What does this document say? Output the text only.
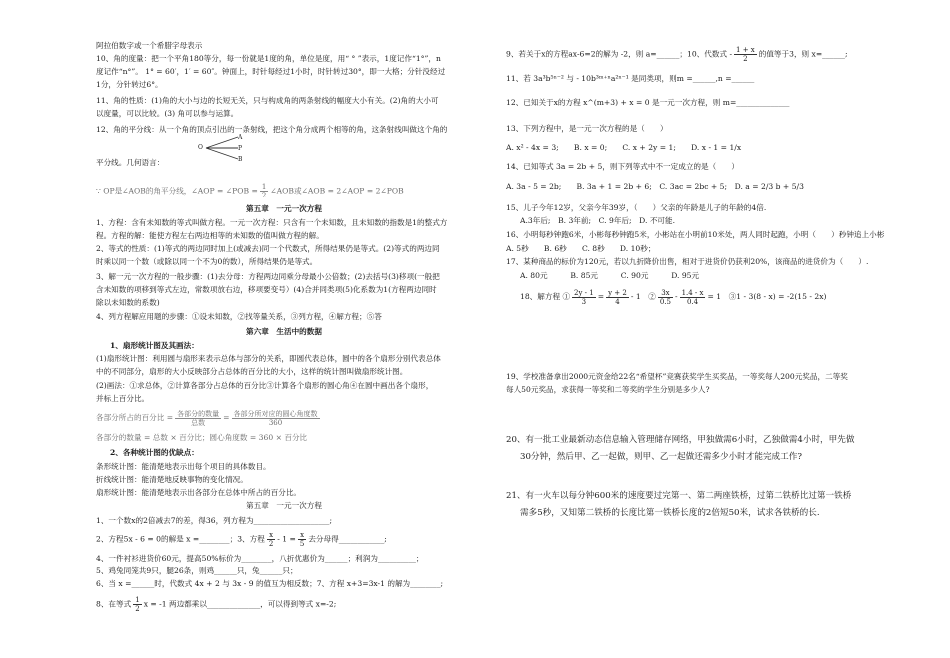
阿拉伯数字或一个希腊字母表示
10、角的度量：把一个平角180等分，每一份就是1度的角，单位是度，用“ ° ”表示，1度记作“1°”，n
度记作“n°”。 1° = 60′，1′ = 60″。钟面上，时针每经过1小时，时针转过30°，即一大格；分针没经过
1分，分针转过6°。
11、角的性质：(1)角的大小与边的长短无关，只与构成角的两条射线的幅度大小有关。(2)角的大小可
以度量，可以比较。(3) 角可以参与运算。
12、角的平分线：从一个角的顶点引出的一条射线，把这个角分成两个相等的角，这条射线叫做这个角的
O
A
P
B
平分线。几何语言：
∵ OP是∠AOB的角平分线，∠AOP = ∠POB = $\frac{1}{2}$ ∠AOB或∠AOB = 2∠AOP = 2∠POB
第五章　一元一次方程
1、方程：含有未知数的等式叫做方程。一元一次方程：只含有一个未知数，且未知数的指数是1的整式方
程。方程的解：能使方程左右两边相等的未知数的值叫做方程的解。
2、等式的性质：(1)等式的两边同时加上(或减去)同一个代数式，所得结果仍是等式。(2)等式的两边同
时乘以同一个数（或除以同一个不为0的数），所得结果仍是等式。
3、解一元一次方程的一般步骤：(1)去分母：方程两边同乘分母最小公倍数；(2)去括号(3)移项(一般把
含未知数的项移到等式左边，常数项放右边，移项要变号）(4)合并同类项(5)化系数为1(方程两边同时
除以未知数的系数)
4、列方程解应用题的步骤：①设未知数，②找等量关系，③列方程，④解方程；⑤答
第六章　生活中的数据
1、扇形统计图及其画法：
(1)扇形统计图：利用圆与扇形来表示总体与部分的关系，即圆代表总体，圆中的各个扇形分别代表总体
中的不同部分，扇形的大小反映部分占总体的百分比的大小，这样的统计图叫做扇形统计图。
(2)画法：①求总体，②计算各部分占总体的百分比③计算各个扇形的圆心角④在圆中画出各个扇形，
并标上百分比。
各部分所占的百分比 = $\frac{\text{各部分的数量}}{\text{总数}} = \frac{\text{各部分所对应的圆心角度数}}{360}$
各部分的数量 = 总数 × 百分比；圆心角度数 = 360 × 百分比
2、各种统计图的优缺点：
条形统计图：能清楚地表示出每个项目的具体数目。
折线统计图：能清楚地反映事物的变化情况。
扇形统计图：能清楚地表示出各部分在总体中所占的百分比。
第五章　一元一次方程
1、一个数x的2倍减去7的差，得36，列方程为____________________;
2、方程5x - 6 = 0的解是 x =________；3、方程 $\frac{x}{2} - 1 = \frac{x}{5}$ 去分母得____________;
4、一件衬衫进货价60元，提高50%标价为________，八折优惠价为______；利润为__________；
5、鸡兔同笼共9只，腿26条，则鸡______只，兔______只；
6、当 x =______时，代数式 4x + 2 与 3x - 9 的值互为相反数；7、方程 x+3=3x-1 的解为________;
8、在等式 $\frac{1}{2}$ x = -1 两边都乘以______________，可以得到等式 x=-2;
9、若关于x的方程ax-6=2的解为 -2，则 a=______；10、代数式 - $\frac{1 + x}{2}$ 的值等于3，则 x=______;
11、若 3a³b⁵ⁿ⁻² 与 - 10b³ᵐ⁺ⁿa²ⁿ⁻¹ 是同类项，则m =______,n =______
12、已知关于x的方程 x^(m+3) + x = 0 是一元一次方程，则 m=______________
13、下列方程中，是一元一次方程的是（　　）
A. x² - 4x = 3;　　B. x = 0;　　C. x + 2y = 1;　　D. x - 1 = 1/x
14、已知等式 3a = 2b + 5，则下列等式中不一定成立的是（　　）
A. 3a - 5 = 2b;　　B. 3a + 1 = 2b + 6;　C. 3ac = 2bc + 5;　D. a = 2/3 b + 5/3
15、儿子今年12岁，父亲今年39岁，（　　）父亲的年龄是儿子的年龄的4倍.
A.3年后;　B. 3年前;　C. 9年后;　D. 不可能.
16、小明每秒钟跑6米，小彬每秒钟跑5米，小彬站在小明前10米处，两人同时起跑，小明（　　）秒钟追上小彬
A. 5秒　　B. 6秒　　C. 8秒　　D. 10秒；
17、某种商品的标价为120元，若以九折降价出售，相对于进货价仍获利20%，该商品的进货价为（　　）.
A. 80元　　　B. 85元　　　C. 90元　　　D. 95元
18、解方程 ① $\frac{2y - 1}{3} = \frac{y + 2}{4} - 1$　② $\frac{3x}{0.5} - \frac{1.4 - x}{0.4} = 1$　 ③1 - 3(8 - x) = -2(15 - 2x)
19、学校准备拿出2000元资金给22名“希望杯”竞赛获奖学生买奖品，一等奖每人200元奖品，二等奖
每人50元奖品，求获得一等奖和二等奖的学生分别是多少人?
20、有一批工业最新动态信息输入管理储存网络，甲独做需6小时，乙独做需4小时，甲先做
30分钟，然后甲、乙一起做，则甲、乙一起做还需多少小时才能完成工作?
21、有一火车以每分钟600米的速度要过完第一、第二两座铁桥，过第二铁桥比过第一铁桥
需多5秒，又知第二铁桥的长度比第一铁桥长度的2倍短50米，试求各铁桥的长.
